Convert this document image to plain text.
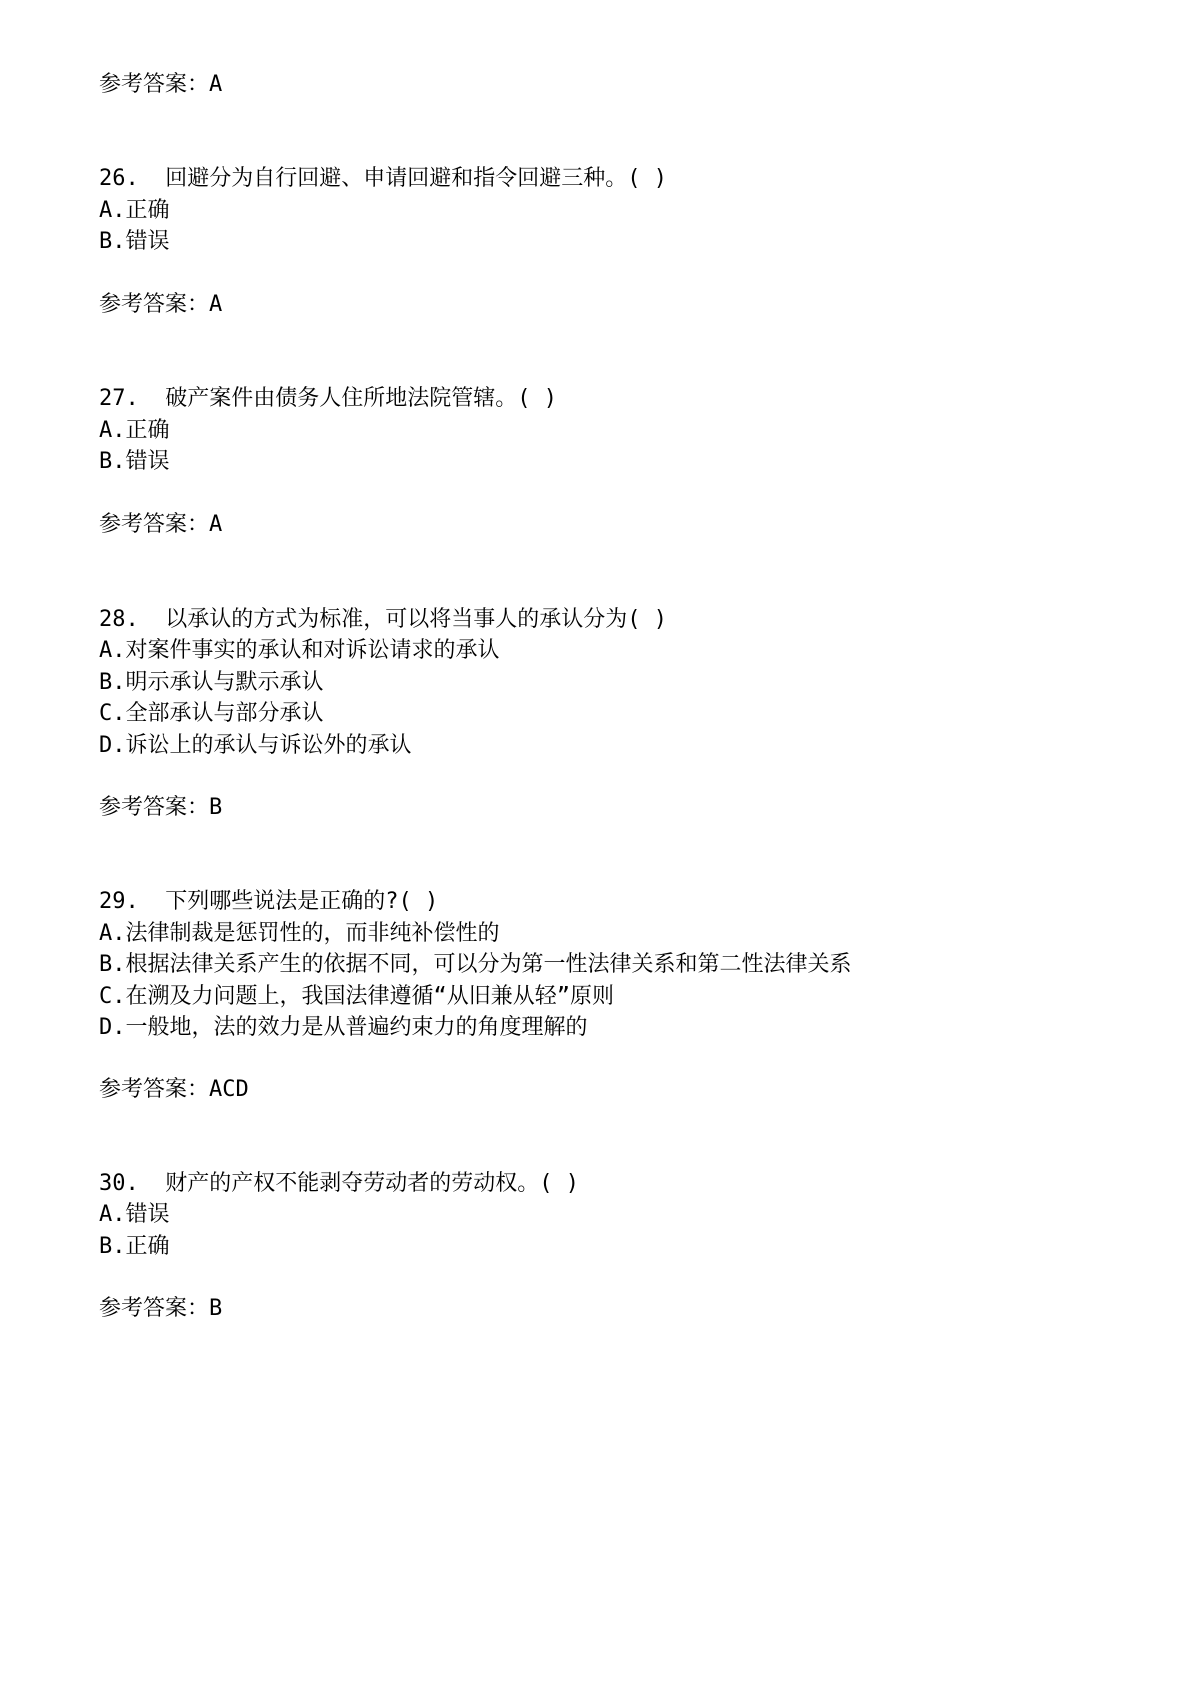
参考答案：A
26. 回避分为自行回避、申请回避和指令回避三种。( )
A.正确
B.错误
参考答案：A
27. 破产案件由债务人住所地法院管辖。( )
A.正确
B.错误
参考答案：A
28. 以承认的方式为标准，可以将当事人的承认分为( )
A.对案件事实的承认和对诉讼请求的承认
B.明示承认与默示承认
C.全部承认与部分承认
D.诉讼上的承认与诉讼外的承认
参考答案：B
29. 下列哪些说法是正确的?( )
A.法律制裁是惩罚性的，而非纯补偿性的
B.根据法律关系产生的依据不同，可以分为第一性法律关系和第二性法律关系
C.在溯及力问题上，我国法律遵循“从旧兼从轻”原则
D.一般地，法的效力是从普遍约束力的角度理解的
参考答案：ACD
30. 财产的产权不能剥夺劳动者的劳动权。( )
A.错误
B.正确
参考答案：B
